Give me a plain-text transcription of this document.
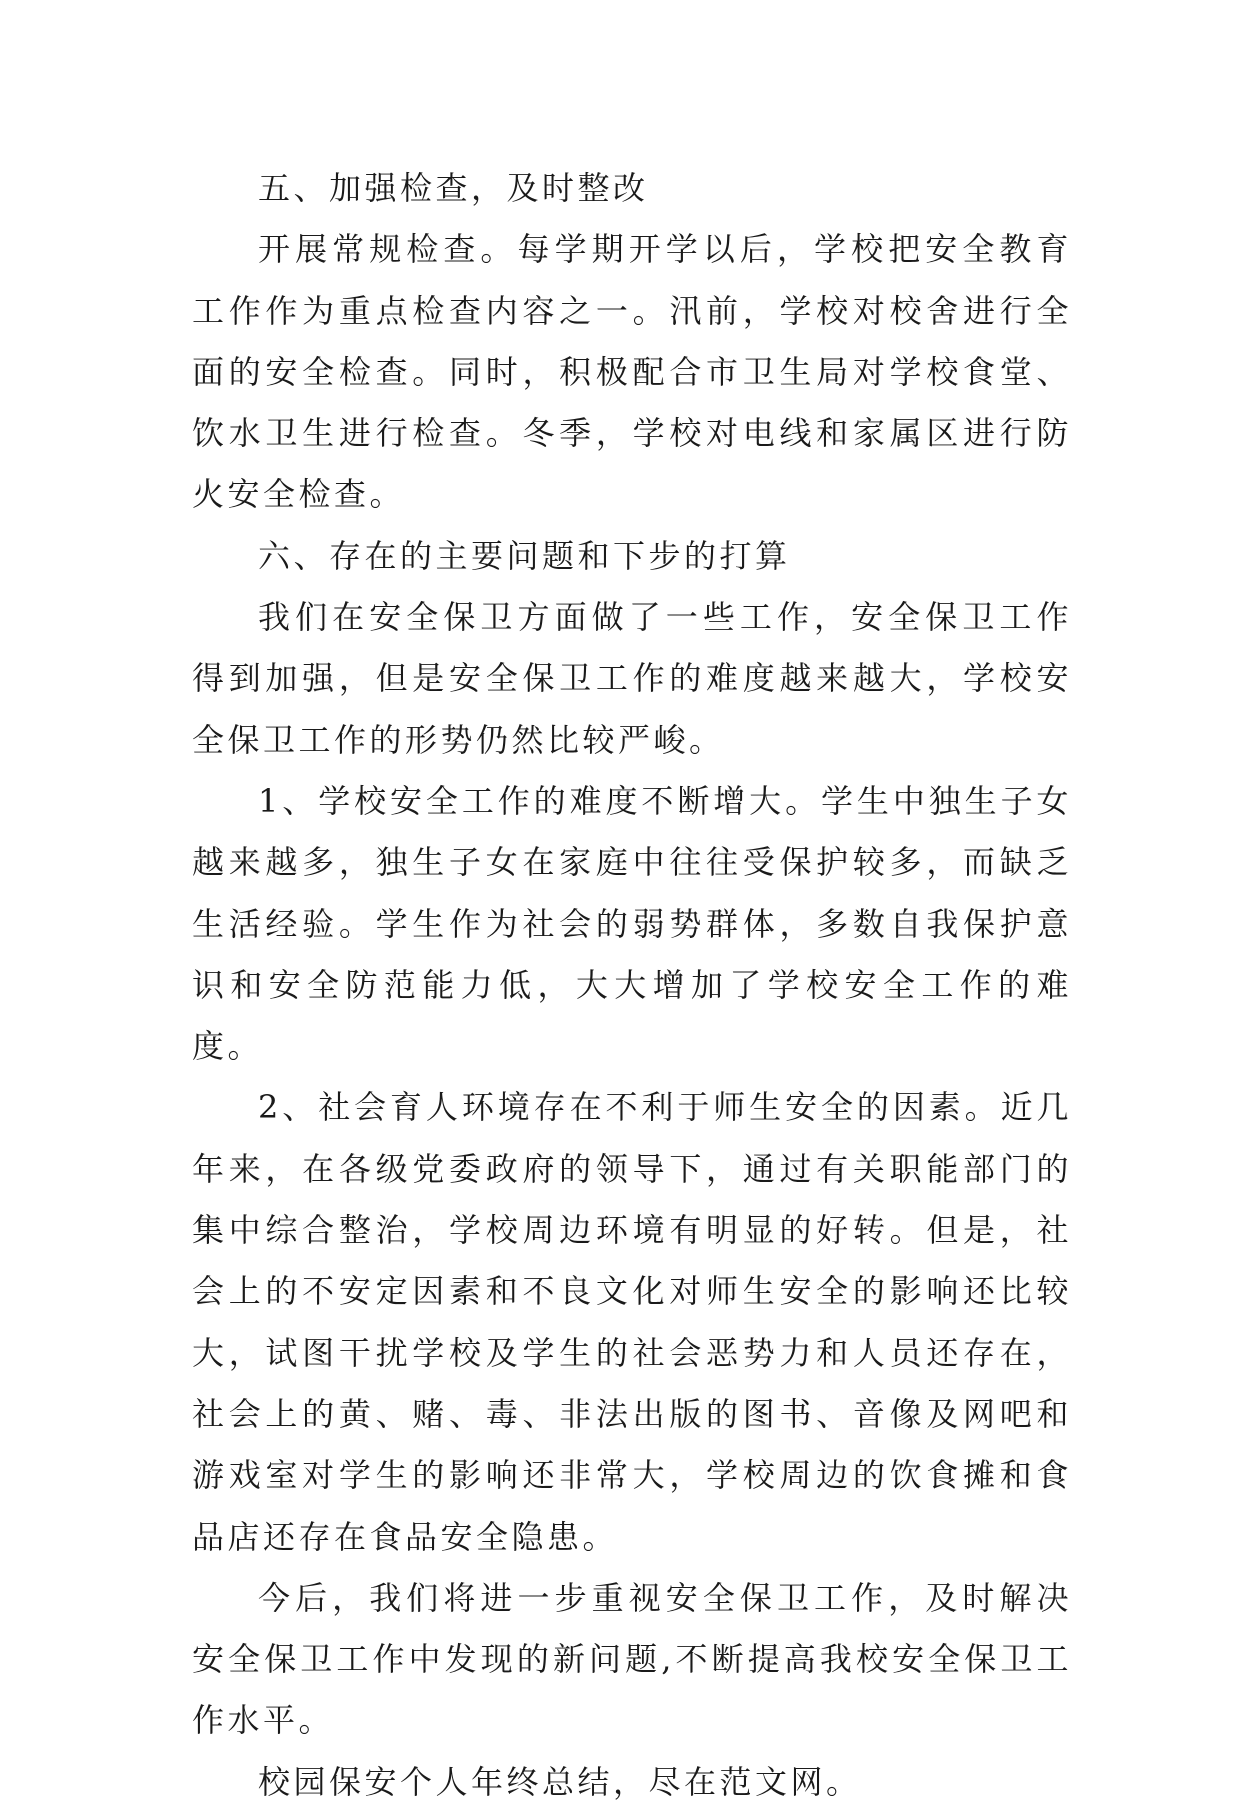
五、加强检查，及时整改

开展常规检查。每学期开学以后，学校把安全教育工作作为重点检查内容之一。汛前，学校对校舍进行全面的安全检查。同时，积极配合市卫生局对学校食堂、饮水卫生进行检查。冬季，学校对电线和家属区进行防火安全检查。

六、存在的主要问题和下步的打算

我们在安全保卫方面做了一些工作，安全保卫工作得到加强，但是安全保卫工作的难度越来越大，学校安全保卫工作的形势仍然比较严峻。

1、学校安全工作的难度不断增大。学生中独生子女越来越多，独生子女在家庭中往往受保护较多，而缺乏生活经验。学生作为社会的弱势群体，多数自我保护意识和安全防范能力低，大大增加了学校安全工作的难度。

2、社会育人环境存在不利于师生安全的因素。近几年来，在各级党委政府的领导下，通过有关职能部门的集中综合整治，学校周边环境有明显的好转。但是，社会上的不安定因素和不良文化对师生安全的影响还比较大，试图干扰学校及学生的社会恶势力和人员还存在，社会上的黄、赌、毒、非法出版的图书、音像及网吧和游戏室对学生的影响还非常大，学校周边的饮食摊和食品店还存在食品安全隐患。

今后，我们将进一步重视安全保卫工作，及时解决安全保卫工作中发现的新问题,不断提高我校安全保卫工作水平。

校园保安个人年终总结，尽在范文网。
